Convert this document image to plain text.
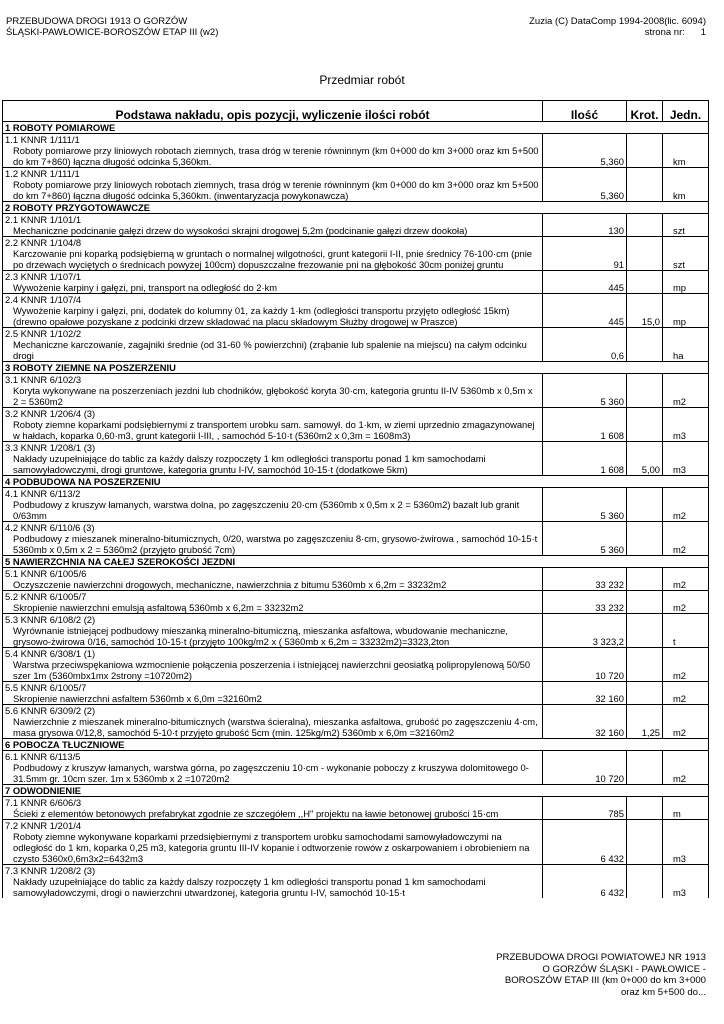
PRZEBUDOWA DROGI 1913 O GORZÓW
ŚLĄSKI-PAWŁOWICE-BOROSZÓW ETAP III (w2)
Zuzia (C) DataComp 1994-2008(lic. 6094)
strona nr:      1
Przedmiar robót
Podstawa nakładu, opis pozycji, wyliczenie ilości robót	Ilość	Krot.	Jedn.
1 ROBOTY POMIAROWE			
1.1 KNNR 1/111/1			
Roboty pomiarowe przy liniowych robotach ziemnych, trasa dróg w terenie równinnym (km 0+000 do km 3+000 oraz km 5+500 do km 7+860) łączna długość odcinka 5,360km.	5,360		km
1.2 KNNR 1/111/1			
Roboty pomiarowe przy liniowych robotach ziemnych, trasa dróg w terenie równinnym (km 0+000 do km 3+000 oraz km 5+500 do km 7+860) łączna długość odcinka 5,360km. (inwentaryzacja powykonawcza)	5,360		km
2 ROBOTY PRZYGOTOWAWCZE			
2.1 KNNR 1/101/1			
Mechaniczne podcinanie gałęzi drzew do wysokości skrajni drogowej 5,2m (podcinanie gałęzi drzew dookoła)	130		szt
2.2 KNNR 1/104/8			
Karczowanie pni koparką podsiębierną w gruntach o normalnej wilgotności, grunt kategorii I-II, pnie średnicy 76-100·cm (pnie po drzewach wyciętych o średnicach powyżej 100cm) dopuszczalne frezowanie pni na głębokość 30cm poniżej gruntu	91		szt
2.3 KNNR 1/107/1			
Wywożenie karpiny i gałęzi, pni, transport na odległość do 2·km	445		mp
2.4 KNNR 1/107/4			
Wywożenie karpiny i gałęzi, pni, dodatek do kolumny 01, za każdy 1·km (odległości transportu przyjęto odległość 15km) (drewno opałowe pozyskane z podcinki drzew składować na placu składowym Służby drogowej w Praszce)	445	15,0	mp
2.5 KNNR 1/102/2			
Mechaniczne karczowanie, zagajniki średnie (od 31-60 % powierzchni) (zrąbanie lub spalenie na miejscu) na całym odcinku drogi	0,6		ha
3 ROBOTY ZIEMNE NA POSZERZENIU			
3.1 KNNR 6/102/3			
Koryta wykonywane na poszerzeniach jezdni lub chodników, głębokość koryta 30·cm, kategoria gruntu II-IV 5360mb x 0,5m x 2 = 5360m2	5 360		m2
3.2 KNNR 1/206/4 (3)			
Roboty ziemne koparkami podsiębiernymi z transportem urobku sam. samowył. do 1·km, w ziemi uprzednio zmagazynowanej w hałdach, koparka 0,60·m3, grunt kategorii I-III, , samochód 5-10·t (5360m2 x 0,3m = 1608m3)	1 608		m3
3.3 KNNR 1/208/1 (3)			
Nakłady uzupełniające do tablic za każdy dalszy rozpoczęty 1 km odległości transportu ponad 1 km samochodami samowyładowczymi, drogi gruntowe, kategoria gruntu I-IV, samochód 10-15·t (dodatkowe 5km)	1 608	5,00	m3
4 PODBUDOWA NA POSZERZENIU			
4.1 KNNR 6/113/2			
Podbudowy z kruszyw łamanych, warstwa dolna, po zagęszczeniu 20·cm (5360mb x 0,5m x 2 = 5360m2) bazalt lub granit 0/63mm	5 360		m2
4.2 KNNR 6/110/6 (3)			
Podbudowy z mieszanek mineralno-bitumicznych, 0/20, warstwa po zagęszczeniu 8·cm, grysowo-żwirowa , samochód 10-15·t 5360mb x 0,5m x 2 = 5360m2 (przyjęto grubość 7cm)	5 360		m2
5 NAWIERZCHNIA NA CAŁEJ SZEROKOŚCI JEZDNI			
5.1 KNNR 6/1005/6			
Oczyszczenie nawierzchni drogowych, mechaniczne, nawierzchnia z bitumu 5360mb x 6,2m = 33232m2	33 232		m2
5.2 KNNR 6/1005/7			
Skropienie nawierzchni emulsją asfaltową 5360mb x 6,2m = 33232m2	33 232		m2
5.3 KNNR 6/108/2 (2)			
Wyrównanie istniejącej podbudowy mieszanką mineralno-bitumiczną, mieszanka asfaltowa, wbudowanie mechaniczne, grysowo-żwirowa 0/16, samochód 10-15·t (przyjęto 100kg/m2 x ( 5360mb x 6,2m = 33232m2)=3323,2ton	3 323,2		t
5.4 KNNR 6/308/1 (1)			
Warstwa przeciwspękaniowa wzmocnienie połączenia poszerzenia i istniejącej nawierzchni geosiatką polipropylenową 50/50 szer 1m (5360mbx1mx 2strony =10720m2)	10 720		m2
5.5 KNNR 6/1005/7			
Skropienie nawierzchni asfaltem 5360mb x 6,0m =32160m2	32 160		m2
5.6 KNNR 6/309/2 (2)			
Nawierzchnie z mieszanek mineralno-bitumicznych (warstwa ścieralna), mieszanka asfaltowa, grubość po zagęszczeniu 4·cm, masa grysowa 0/12,8, samochód 5-10·t przyjęto grubość 5cm (min. 125kg/m2) 5360mb x 6,0m =32160m2	32 160	1,25	m2
6 POBOCZA TŁUCZNIOWE			
6.1 KNNR 6/113/5			
Podbudowy z kruszyw łamanych, warstwa górna, po zagęszczeniu 10·cm - wykonanie poboczy z kruszywa dolomitowego 0-31.5mm gr. 10cm szer. 1m x 5360mb x 2 =10720m2	10 720		m2
7 ODWODNIENIE			
7.1 KNNR 6/606/3			
Ścieki z elementów betonowych prefabrykat zgodnie ze szczegółem ,,H" projektu na ławie betonowej grubości 15·cm	785		m
7.2 KNNR 1/201/4			
Roboty ziemne wykonywane koparkami przedsiębiernymi z transportem urobku samochodami samowyładowczymi na odległość do 1 km, koparka 0,25 m3, kategoria gruntu III-IV kopanie i odtworzenie rowów z oskarpowaniem i obrobieniem na czysto 5360x0,6m3x2=6432m3	6 432		m3
7.3 KNNR 1/208/2 (3)			
Nakłady uzupełniające do tablic za każdy dalszy rozpoczęty 1 km odległości transportu ponad 1 km samochodami samowyładowczymi, drogi o nawierzchni utwardzonej, kategoria gruntu I-IV, samochód 10-15·t	6 432		m3
PRZEBUDOWA DROGI POWIATOWEJ NR 1913
O GORZÓW ŚLĄSKI - PAWŁOWICE -
BOROSZÓW ETAP III (km 0+000 do km 3+000
oraz km 5+500 do...
